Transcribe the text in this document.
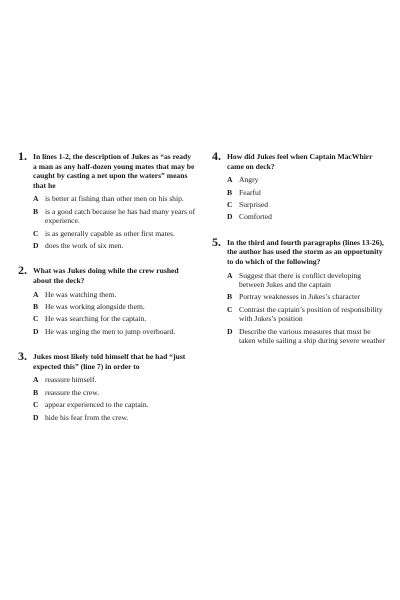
1. In lines 1-2, the description of Jukes as “as ready a man as any half-dozen young mates that may be caught by casting a net upon the waters” means that he
A is better at fishing than other men on his ship.
B is a good catch because he has had many years of experience.
C is as generally capable as other first mates.
D does the work of six men.
2. What was Jukes doing while the crew rushed about the deck?
A He was watching them.
B He was working alongside them.
C He was searching for the captain.
D He was urging the men to jump overboard.
3. Jukes most likely told himself that he had “just expected this” (line 7) in order to
A reassure himself.
B reassure the crew.
C appear experienced to the captain.
D hide his fear from the crew.
4. How did Jukes feel when Captain MacWhirr came on deck?
A Angry
B Fearful
C Surprised
D Comforted
5. In the third and fourth paragraphs (lines 13-26), the author has used the storm as an opportunity to do which of the following?
A Suggest that there is conflict developing between Jukes and the captain
B Portray weaknesses in Jukes’s character
C Contrast the captain’s position of responsibility with Jukes’s position
D Describe the various measures that must be taken while sailing a ship during severe weather
